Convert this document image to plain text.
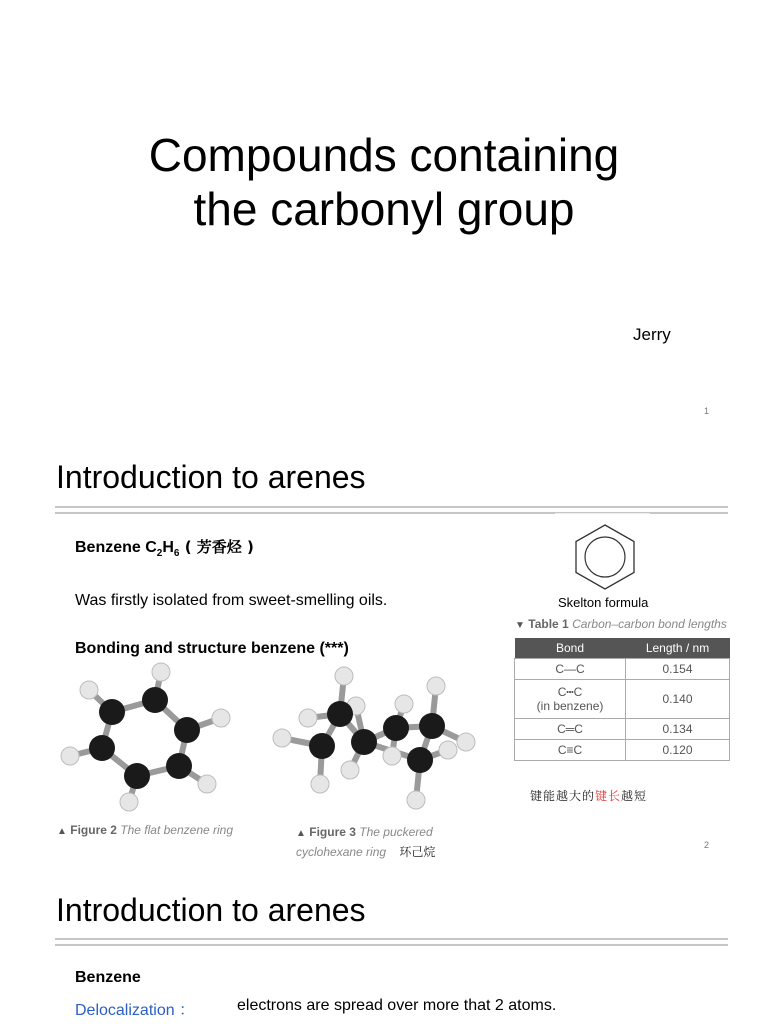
Compounds containing
the carbonyl group
Jerry
1
Introduction to arenes
Benzene $C_2H_6$ ( 芳香烃 )
Was firstly isolated from sweet-smelling oils.
Bonding and structure benzene (***)
Skelton formula
▼ Table 1 Carbon–carbon bond lengths
Bond	Length / nm
C—C	0.154

C┅C
(in benzene)	0.140
C═C	0.134
C≡C	0.120
键能越大的键长越短
▲ Figure 2 The flat benzene ring	▲ Figure 3 The puckered
cyclohexane ring 环己烷	2
Introduction to arenes
Benzene
Delocalization ：	electrons are spread over more that 2 atoms.
